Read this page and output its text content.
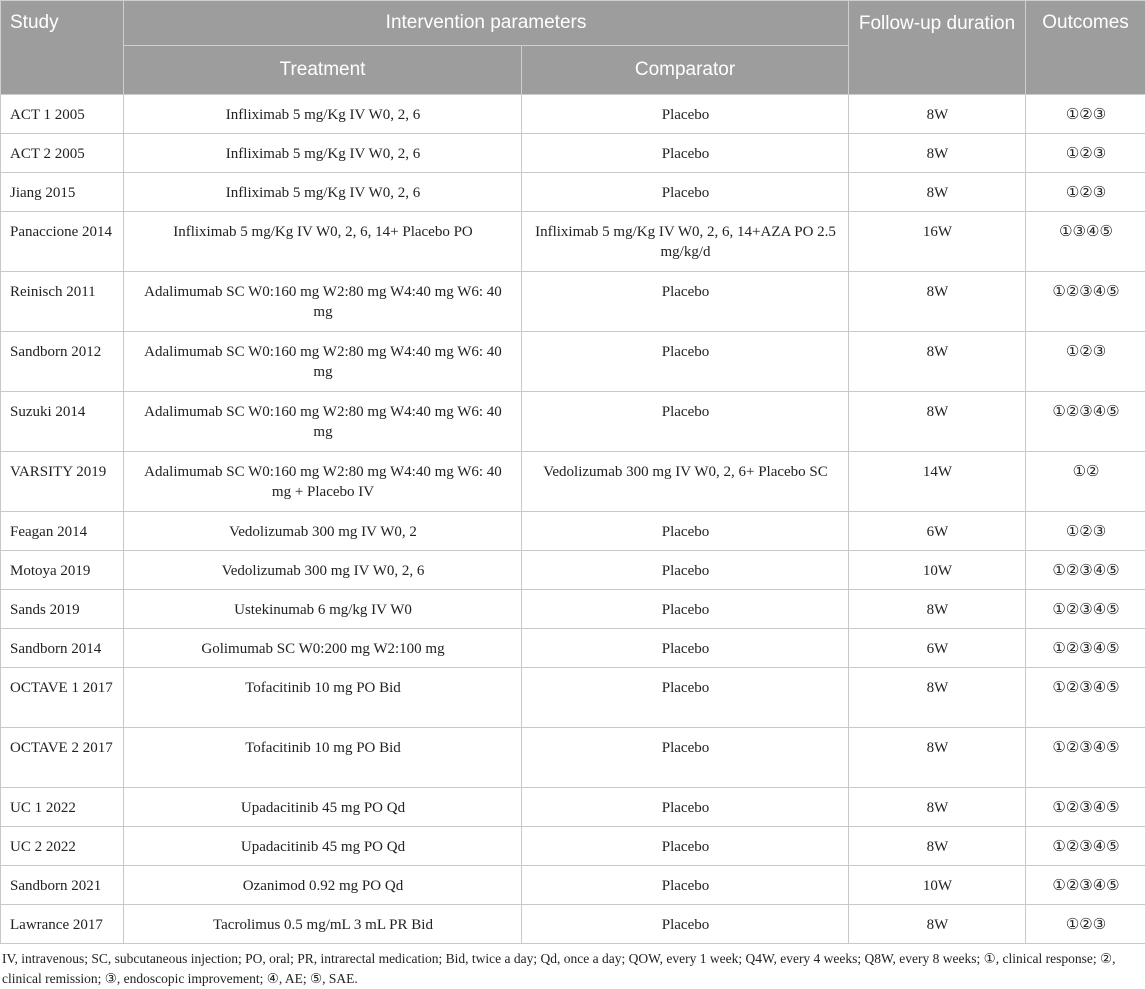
Study	Intervention parameters		Follow-up duration	Outcomes
	Treatment	Comparator		
ACT 1 2005	Infliximab 5 mg/Kg IV W0, 2, 6	Placebo	8W	①②③
ACT 2 2005	Infliximab 5 mg/Kg IV W0, 2, 6	Placebo	8W	①②③
Jiang 2015	Infliximab 5 mg/Kg IV W0, 2, 6	Placebo	8W	①②③
Panaccione 2014	Infliximab 5 mg/Kg IV W0, 2, 6, 14+ Placebo PO	Infliximab 5 mg/Kg IV W0, 2, 6, 14+AZA PO 2.5 mg/kg/d	16W	①③④⑤
Reinisch 2011	Adalimumab SC W0:160 mg W2:80 mg W4:40 mg W6: 40 mg	Placebo	8W	①②③④⑤
Sandborn 2012	Adalimumab SC W0:160 mg W2:80 mg W4:40 mg W6: 40 mg	Placebo	8W	①②③
Suzuki 2014	Adalimumab SC W0:160 mg W2:80 mg W4:40 mg W6: 40 mg	Placebo	8W	①②③④⑤
VARSITY 2019	Adalimumab SC W0:160 mg W2:80 mg W4:40 mg W6: 40 mg + Placebo IV	Vedolizumab 300 mg IV W0, 2, 6+ Placebo SC	14W	①②
Feagan 2014	Vedolizumab 300 mg IV W0, 2	Placebo	6W	①②③
Motoya 2019	Vedolizumab 300 mg IV W0, 2, 6	Placebo	10W	①②③④⑤
Sands 2019	Ustekinumab 6 mg/kg IV W0	Placebo	8W	①②③④⑤
Sandborn 2014	Golimumab SC W0:200 mg W2:100 mg	Placebo	6W	①②③④⑤
OCTAVE 1 2017	Tofacitinib 10 mg PO Bid	Placebo	8W	①②③④⑤
OCTAVE 2 2017	Tofacitinib 10 mg PO Bid	Placebo	8W	①②③④⑤
UC 1 2022	Upadacitinib 45 mg PO Qd	Placebo	8W	①②③④⑤
UC 2 2022	Upadacitinib 45 mg PO Qd	Placebo	8W	①②③④⑤
Sandborn 2021	Ozanimod 0.92 mg PO Qd	Placebo	10W	①②③④⑤
Lawrance 2017	Tacrolimus 0.5 mg/mL 3 mL PR Bid	Placebo	8W	①②③
IV, intravenous; SC, subcutaneous injection; PO, oral; PR, intrarectal medication; Bid, twice a day; Qd, once a day; QOW, every 1 week; Q4W, every 4 weeks; Q8W, every 8 weeks; ①, clinical response; ②, clinical remission; ③, endoscopic improvement; ④, AE; ⑤, SAE.
